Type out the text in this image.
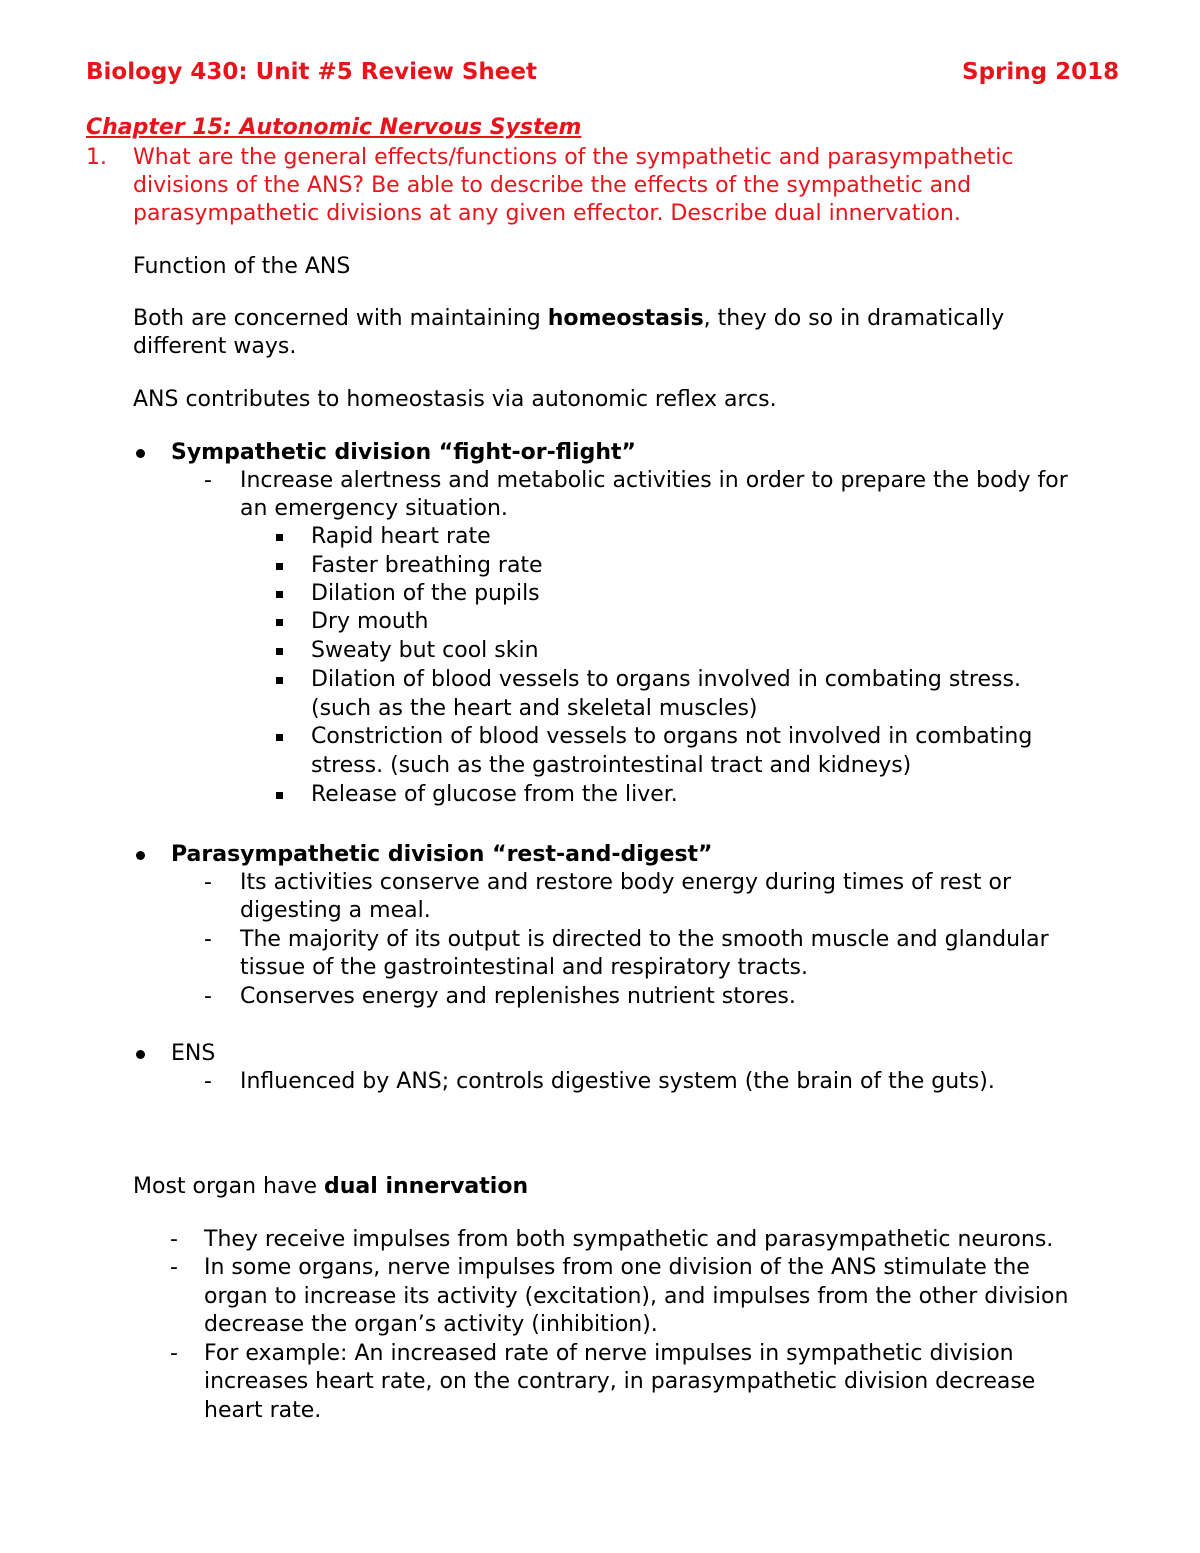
Biology 430: Unit #5 Review Sheet	Spring 2018
Chapter 15: Autonomic Nervous System
1. What are the general effects/functions of the sympathetic and parasympathetic
divisions of the ANS? Be able to describe the effects of the sympathetic and
parasympathetic divisions at any given effector. Describe dual innervation.
Function of the ANS
Both are concerned with maintaining homeostasis, they do so in dramatically
different ways.
ANS contributes to homeostasis via autonomic reflex arcs.
Sympathetic division “fight-or-flight”
- Increase alertness and metabolic activities in order to prepare the body for
an emergency situation.
Rapid heart rate
Faster breathing rate
Dilation of the pupils
Dry mouth
Sweaty but cool skin
Dilation of blood vessels to organs involved in combating stress.
(such as the heart and skeletal muscles)
Constriction of blood vessels to organs not involved in combating
stress. (such as the gastrointestinal tract and kidneys)
Release of glucose from the liver.
Parasympathetic division “rest-and-digest”
- Its activities conserve and restore body energy during times of rest or
digesting a meal.
- The majority of its output is directed to the smooth muscle and glandular
tissue of the gastrointestinal and respiratory tracts.
- Conserves energy and replenishes nutrient stores.
ENS
- Influenced by ANS; controls digestive system (the brain of the guts).
Most organ have dual innervation
- They receive impulses from both sympathetic and parasympathetic neurons.
- In some organs, nerve impulses from one division of the ANS stimulate the
organ to increase its activity (excitation), and impulses from the other division
decrease the organ’s activity (inhibition).
- For example: An increased rate of nerve impulses in sympathetic division
increases heart rate, on the contrary, in parasympathetic division decrease
heart rate.
